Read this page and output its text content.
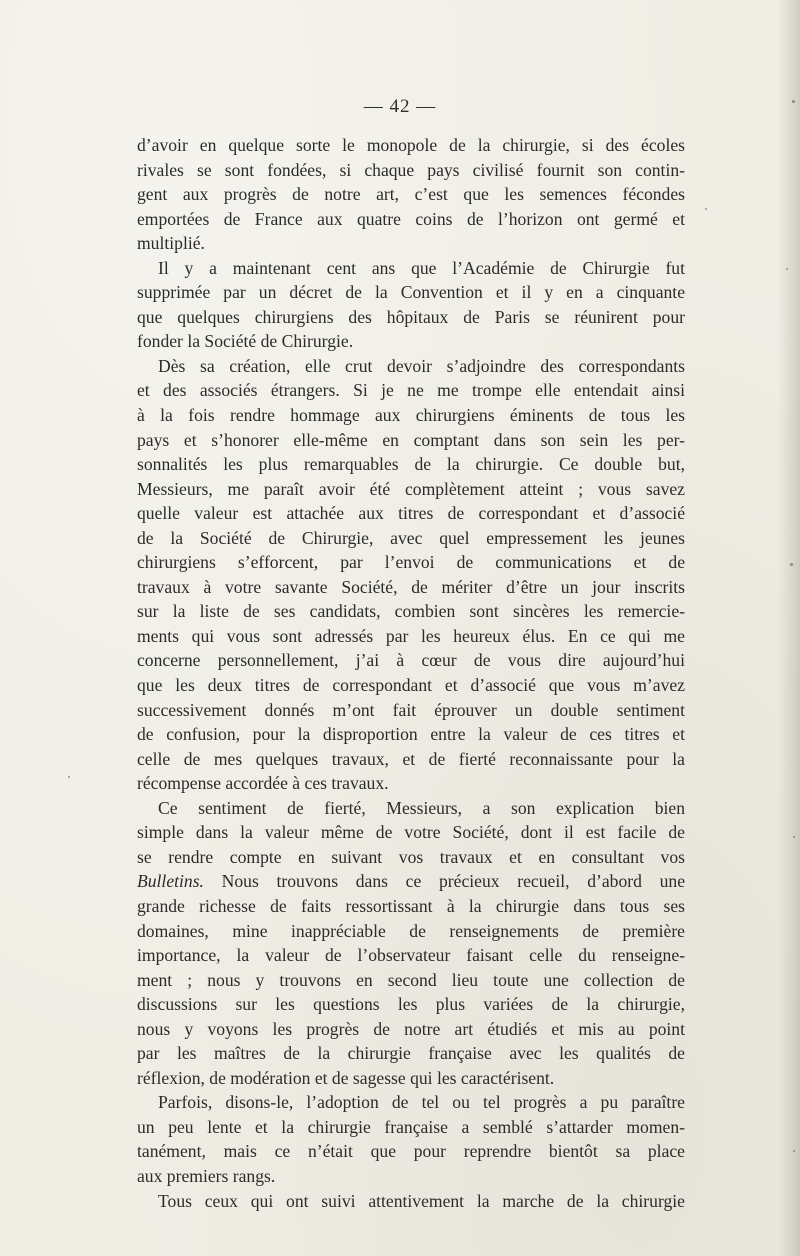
— 42 —
d’avoir en quelque sorte le monopole de la chirurgie, si des écoles
rivales se sont fondées, si chaque pays civilisé fournit son contin-
gent aux progrès de notre art, c’est que les semences fécondes
emportées de France aux quatre coins de l’horizon ont germé et
multiplié.
Il y a maintenant cent ans que l’Académie de Chirurgie fut
supprimée par un décret de la Convention et il y en a cinquante
que quelques chirurgiens des hôpitaux de Paris se réunirent pour
fonder la Société de Chirurgie.
Dès sa création, elle crut devoir s’adjoindre des correspondants
et des associés étrangers. Si je ne me trompe elle entendait ainsi
à la fois rendre hommage aux chirurgiens éminents de tous les
pays et s’honorer elle-même en comptant dans son sein les per-
sonnalités les plus remarquables de la chirurgie. Ce double but,
Messieurs, me paraît avoir été complètement atteint ; vous savez
quelle valeur est attachée aux titres de correspondant et d’associé
de la Société de Chirurgie, avec quel empressement les jeunes
chirurgiens s’efforcent, par l’envoi de communications et de
travaux à votre savante Société, de mériter d’être un jour inscrits
sur la liste de ses candidats, combien sont sincères les remercie-
ments qui vous sont adressés par les heureux élus. En ce qui me
concerne personnellement, j’ai à cœur de vous dire aujourd’hui
que les deux titres de correspondant et d’associé que vous m’avez
successivement donnés m’ont fait éprouver un double sentiment
de confusion, pour la disproportion entre la valeur de ces titres et
celle de mes quelques travaux, et de fierté reconnaissante pour la
récompense accordée à ces travaux.
Ce sentiment de fierté, Messieurs, a son explication bien
simple dans la valeur même de votre Société, dont il est facile de
se rendre compte en suivant vos travaux et en consultant vos
Bulletins. Nous trouvons dans ce précieux recueil, d’abord une
grande richesse de faits ressortissant à la chirurgie dans tous ses
domaines, mine inappréciable de renseignements de première
importance, la valeur de l’observateur faisant celle du renseigne-
ment ; nous y trouvons en second lieu toute une collection de
discussions sur les questions les plus variées de la chirurgie,
nous y voyons les progrès de notre art étudiés et mis au point
par les maîtres de la chirurgie française avec les qualités de
réflexion, de modération et de sagesse qui les caractérisent.
Parfois, disons-le, l’adoption de tel ou tel progrès a pu paraître
un peu lente et la chirurgie française a semblé s’attarder momen-
tanément, mais ce n’était que pour reprendre bientôt sa place
aux premiers rangs.
Tous ceux qui ont suivi attentivement la marche de la chirurgie
